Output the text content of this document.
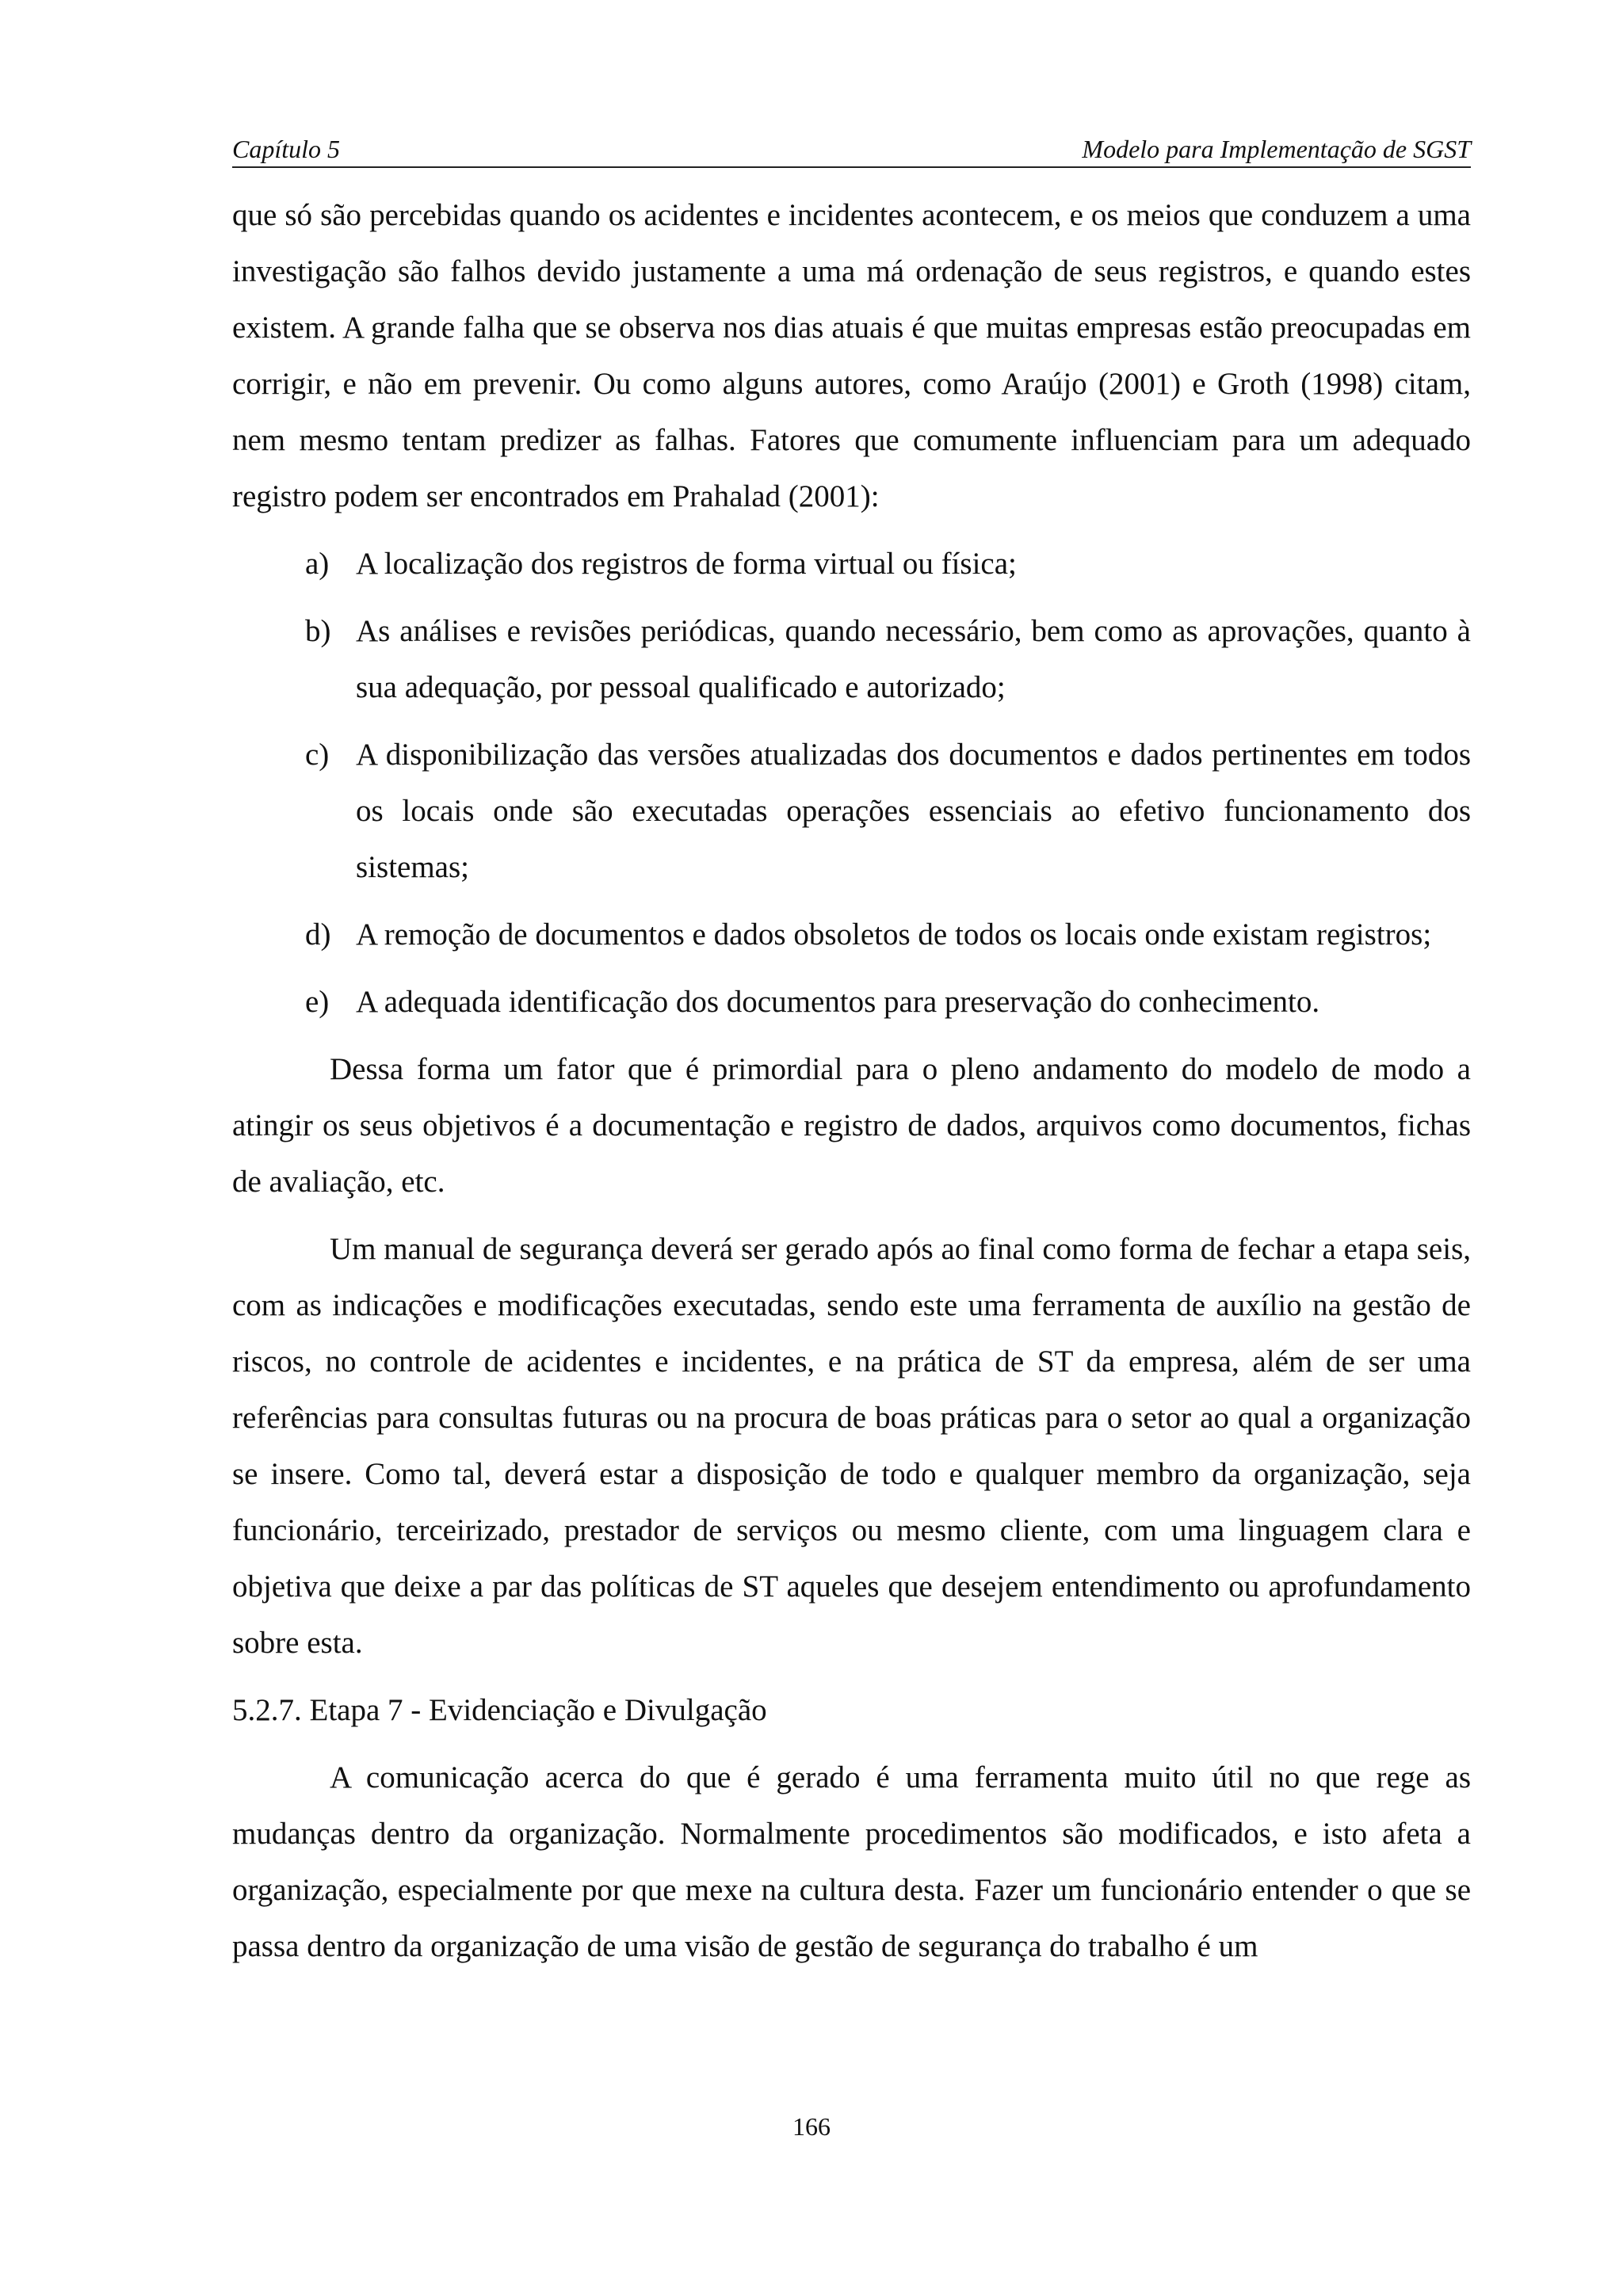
Capítulo 5	Modelo para Implementação de SGST

que só são percebidas quando os acidentes e incidentes acontecem, e os meios que conduzem a uma investigação são falhos devido justamente a uma má ordenação de seus registros, e quando estes existem. A grande falha que se observa nos dias atuais é que muitas empresas estão preocupadas em corrigir, e não em prevenir. Ou como alguns autores, como Araújo (2001) e Groth (1998) citam, nem mesmo tentam predizer as falhas. Fatores que comumente influenciam para um adequado registro podem ser encontrados em Prahalad (2001):

a) A localização dos registros de forma virtual ou física;
b) As análises e revisões periódicas, quando necessário, bem como as aprovações, quanto à sua adequação, por pessoal qualificado e autorizado;
c) A disponibilização das versões atualizadas dos documentos e dados pertinentes em todos os locais onde são executadas operações essenciais ao efetivo funcionamento dos sistemas;
d) A remoção de documentos e dados obsoletos de todos os locais onde existam registros;
e) A adequada identificação dos documentos para preservação do conhecimento.

Dessa forma um fator que é primordial para o pleno andamento do modelo de modo a atingir os seus objetivos é a documentação e registro de dados, arquivos como documentos, fichas de avaliação, etc.

Um manual de segurança deverá ser gerado após ao final como forma de fechar a etapa seis, com as indicações e modificações executadas, sendo este uma ferramenta de auxílio na gestão de riscos, no controle de acidentes e incidentes, e na prática de ST da empresa, além de ser uma referências para consultas futuras ou na procura de boas práticas para o setor ao qual a organização se insere. Como tal, deverá estar a disposição de todo e qualquer membro da organização, seja funcionário, terceirizado, prestador de serviços ou mesmo cliente, com uma linguagem clara e objetiva que deixe a par das políticas de ST aqueles que desejem entendimento ou aprofundamento sobre esta.

5.2.7. Etapa 7 - Evidenciação e Divulgação

A comunicação acerca do que é gerado é uma ferramenta muito útil no que rege as mudanças dentro da organização. Normalmente procedimentos são modificados, e isto afeta a organização, especialmente por que mexe na cultura desta. Fazer um funcionário entender o que se passa dentro da organização de uma visão de gestão de segurança do trabalho é um

166
